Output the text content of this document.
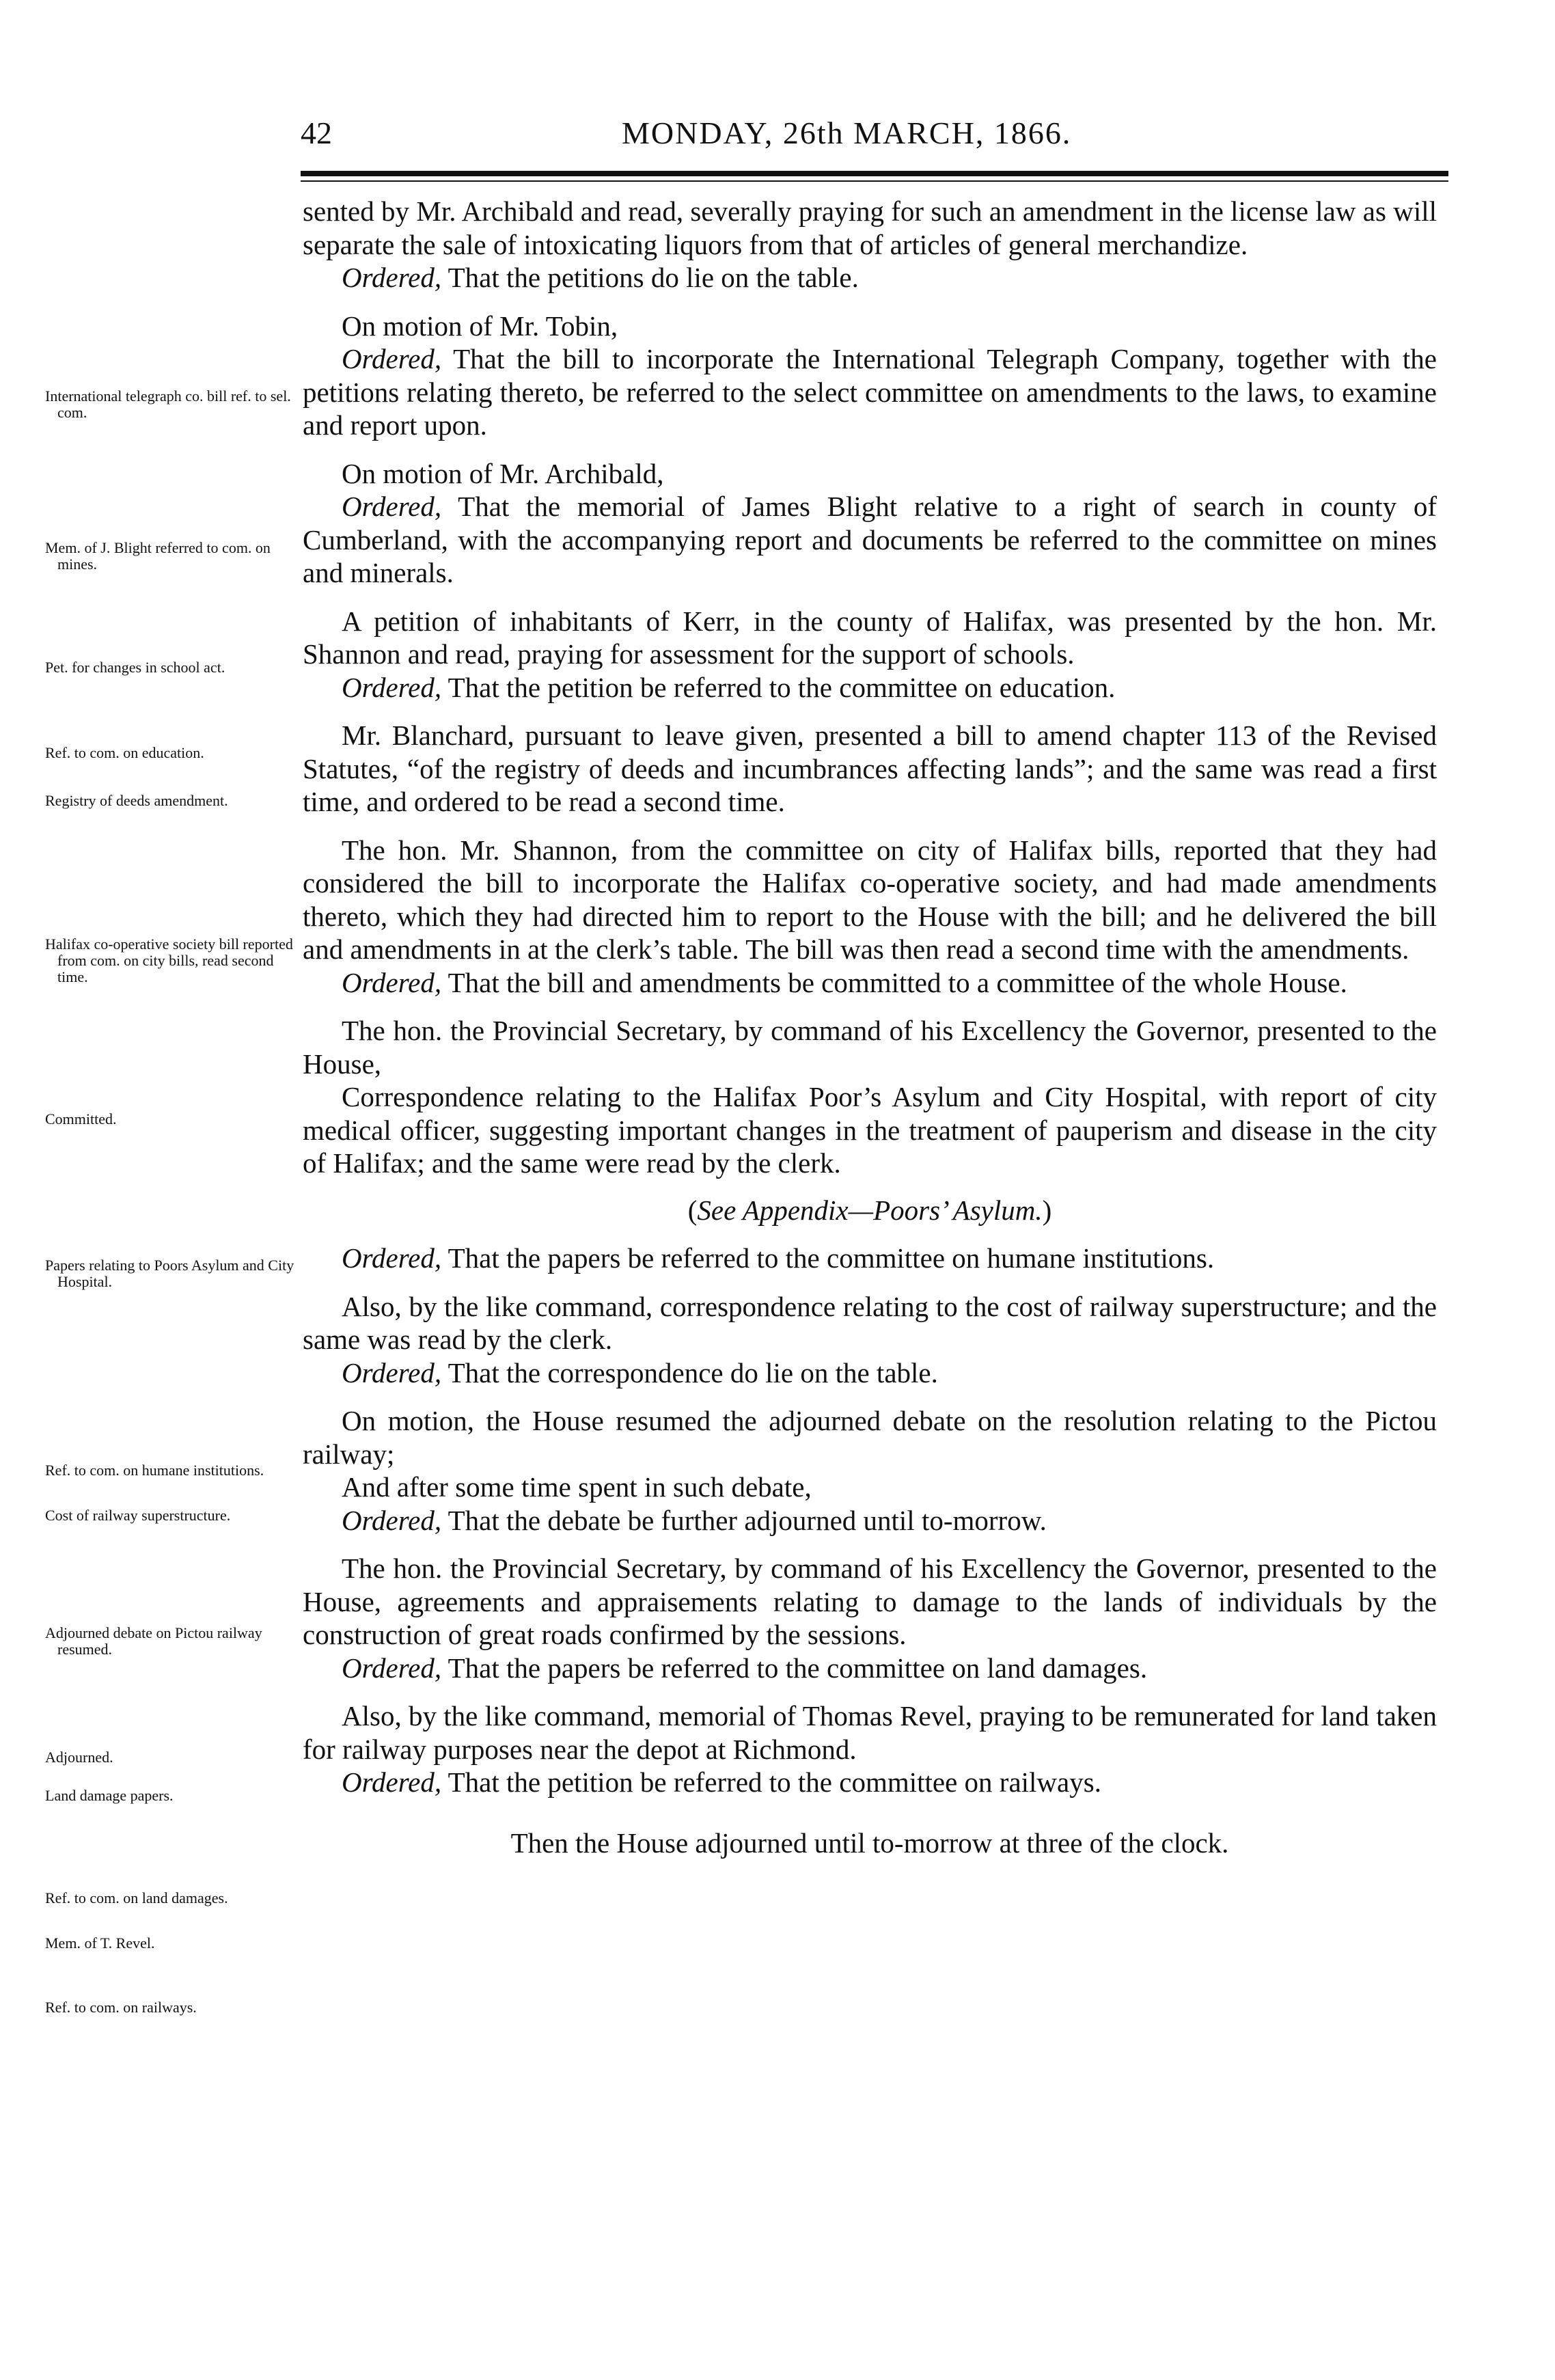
42	MONDAY, 26th MARCH, 1866.
International telegraph co. bill ref. to sel. com.
Mem. of J. Blight referred to com. on mines.
Pet. for changes in school act.
Ref. to com. on education.
Registry of deeds amendment.
Halifax co-operative society bill reported from com. on city bills, read second time.
Committed.
Papers relating to Poors Asylum and City Hospital.
Ref. to com. on humane institutions.
Cost of railway superstructure.
Adjourned debate on Pictou railway resumed.
Adjourned.
Land damage papers.
Ref. to com. on land damages.
Mem. of T. Revel.
Ref. to com. on railways.

sented by Mr. Archibald and read, severally praying for such an amendment in the license law as will separate the sale of intoxicating liquors from that of articles of general merchandize.

Ordered, That the petitions do lie on the table.

On motion of Mr. Tobin,

Ordered, That the bill to incorporate the International Telegraph Company, together with the petitions relating thereto, be referred to the select committee on amendments to the laws, to examine and report upon.

On motion of Mr. Archibald,

Ordered, That the memorial of James Blight relative to a right of search in county of Cumberland, with the accompanying report and documents be referred to the committee on mines and minerals.

A petition of inhabitants of Kerr, in the county of Halifax, was presented by the hon. Mr. Shannon and read, praying for assessment for the support of schools.

Ordered, That the petition be referred to the committee on education.

Mr. Blanchard, pursuant to leave given, presented a bill to amend chapter 113 of the Revised Statutes, “of the registry of deeds and incumbrances affecting lands”; and the same was read a first time, and ordered to be read a second time.

The hon. Mr. Shannon, from the committee on city of Halifax bills, reported that they had considered the bill to incorporate the Halifax co-operative society, and had made amendments thereto, which they had directed him to report to the House with the bill; and he delivered the bill and amendments in at the clerk’s table. The bill was then read a second time with the amendments.

Ordered, That the bill and amendments be committed to a committee of the whole House.

The hon. the Provincial Secretary, by command of his Excellency the Governor, presented to the House,

Correspondence relating to the Halifax Poor’s Asylum and City Hospital, with report of city medical officer, suggesting important changes in the treatment of pauperism and disease in the city of Halifax; and the same were read by the clerk.

(See Appendix—Poors’ Asylum.)

Ordered, That the papers be referred to the committee on humane institutions.

Also, by the like command, correspondence relating to the cost of railway superstructure; and the same was read by the clerk.

Ordered, That the correspondence do lie on the table.

On motion, the House resumed the adjourned debate on the resolution relating to the Pictou railway;

And after some time spent in such debate,

Ordered, That the debate be further adjourned until to-morrow.

The hon. the Provincial Secretary, by command of his Excellency the Governor, presented to the House, agreements and appraisements relating to damage to the lands of individuals by the construction of great roads confirmed by the sessions.

Ordered, That the papers be referred to the committee on land damages.

Also, by the like command, memorial of Thomas Revel, praying to be remunerated for land taken for railway purposes near the depot at Richmond.

Ordered, That the petition be referred to the committee on railways.

Then the House adjourned until to-morrow at three of the clock.
